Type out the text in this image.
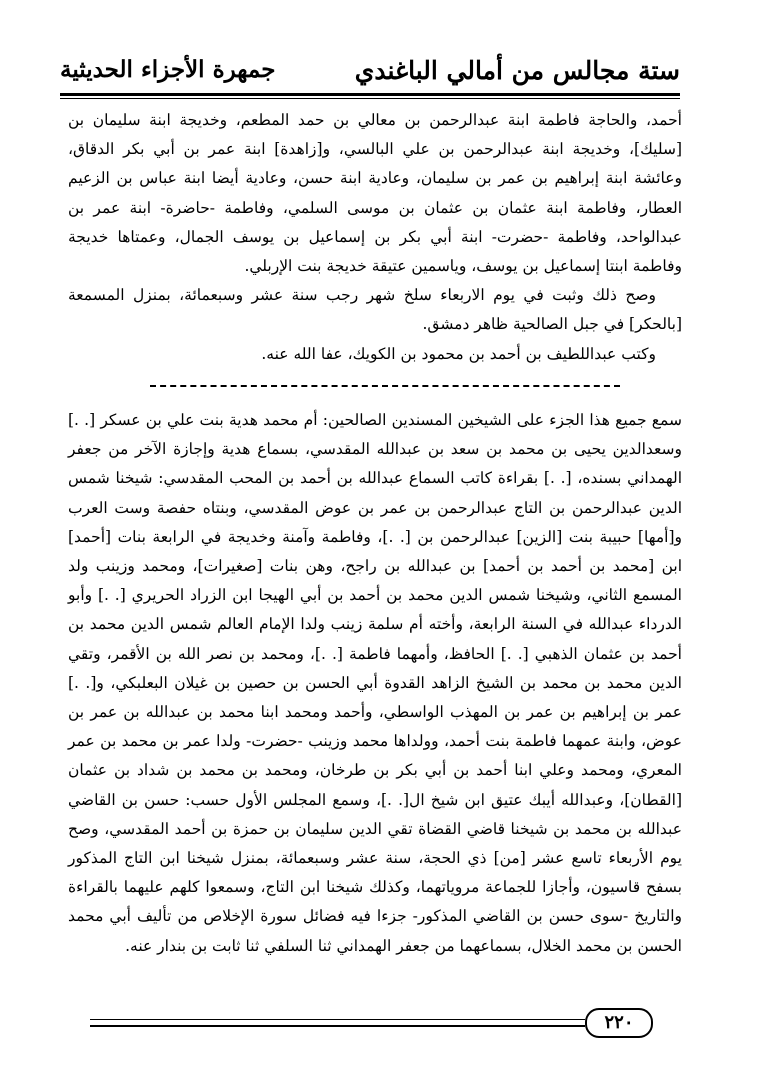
ستة مجالس من أمالي الباغندي
جمهرة الأجزاء الحديثية

أحمد، والحاجة فاطمة ابنة عبدالرحمن بن معالي بن حمد المطعم، وخديجة ابنة سليمان بن [سليك]، وخديجة ابنة عبدالرحمن بن علي البالسي، و[زاهدة] ابنة عمر بن أبي بكر الدقاق، وعائشة ابنة إبراهيم بن عمر بن سليمان، وعادية ابنة حسن، وعادية أيضا ابنة عباس بن الزعيم العطار، وفاطمة ابنة عثمان بن عثمان بن موسى السلمي، وفاطمة -حاضرة- ابنة عمر بن عبدالواحد، وفاطمة -حضرت- ابنة أبي بكر بن إسماعيل بن يوسف الجمال، وعمتاها خديجة وفاطمة ابنتا إسماعيل بن يوسف، وياسمين عتيقة خديجة بنت الإربلي.

وصح ذلك وثبت في يوم الاربعاء سلخ شهر رجب سنة عشر وسبعمائة، بمنزل المسمعة [بالحكر] في جبل الصالحية ظاهر دمشق.

وكتب عبداللطيف بن أحمد بن محمود بن الكويك، عفا الله عنه.

سمع جميع هذا الجزء على الشيخين المسندين الصالحين: أم محمد هدية بنت علي بن عسكر [. .] وسعدالدين يحيى بن محمد بن سعد بن عبدالله المقدسي، بسماع هدية وإجازة الآخر من جعفر الهمداني بسنده، [. .] بقراءة كاتب السماع عبدالله بن أحمد بن المحب المقدسي: شيخنا شمس الدين عبدالرحمن بن التاج عبدالرحمن بن عمر بن عوض المقدسي، وبنتاه حفصة وست العرب و[أمها] حبيبة بنت [الزين] عبدالرحمن بن [. .]، وفاطمة وآمنة وخديجة في الرابعة بنات [أحمد] ابن [محمد بن أحمد بن أحمد] بن عبدالله بن راجح، وهن بنات [صغيرات]، ومحمد وزينب ولد المسمع الثاني، وشيخنا شمس الدين محمد بن أحمد بن أبي الهيجا ابن الزراد الحريري [. .] وأبو الدرداء عبدالله في السنة الرابعة، وأخته أم سلمة زينب ولدا الإمام العالم شمس الدين محمد بن أحمد بن عثمان الذهبي [. .] الحافظ، وأمهما فاطمة [. .]، ومحمد بن نصر الله بن الأقمر، وتقي الدين محمد بن محمد بن الشيخ الزاهد القدوة أبي الحسن بن حصين بن غيلان البعلبكي، و[. .] عمر بن إبراهيم بن عمر بن المهذب الواسطي، وأحمد ومحمد ابنا محمد بن عبدالله بن عمر بن عوض، وابنة عمهما فاطمة بنت أحمد، وولداها محمد وزينب -حضرت- ولدا عمر بن محمد بن عمر المعري، ومحمد وعلي ابنا أحمد بن أبي بكر بن طرخان، ومحمد بن محمد بن شداد بن عثمان [القطان]، وعبدالله أيبك عتيق ابن شيخ ال[. .]، وسمع المجلس الأول حسب: حسن بن القاضي عبدالله بن محمد بن شيخنا قاضي القضاة تقي الدين سليمان بن حمزة بن أحمد المقدسي، وصح يوم الأربعاء تاسع عشر [من] ذي الحجة، سنة عشر وسبعمائة، بمنزل شيخنا ابن التاج المذكور بسفح قاسيون، وأجازا للجماعة مروياتهما، وكذلك شيخنا ابن التاج، وسمعوا كلهم عليهما بالقراءة والتاريخ -سوى حسن بن القاضي المذكور- جزءا فيه فضائل سورة الإخلاص من تأليف أبي محمد الحسن بن محمد الخلال، بسماعهما من جعفر الهمداني ثنا السلفي ثنا ثابت بن بندار عنه.

٢٢٠
